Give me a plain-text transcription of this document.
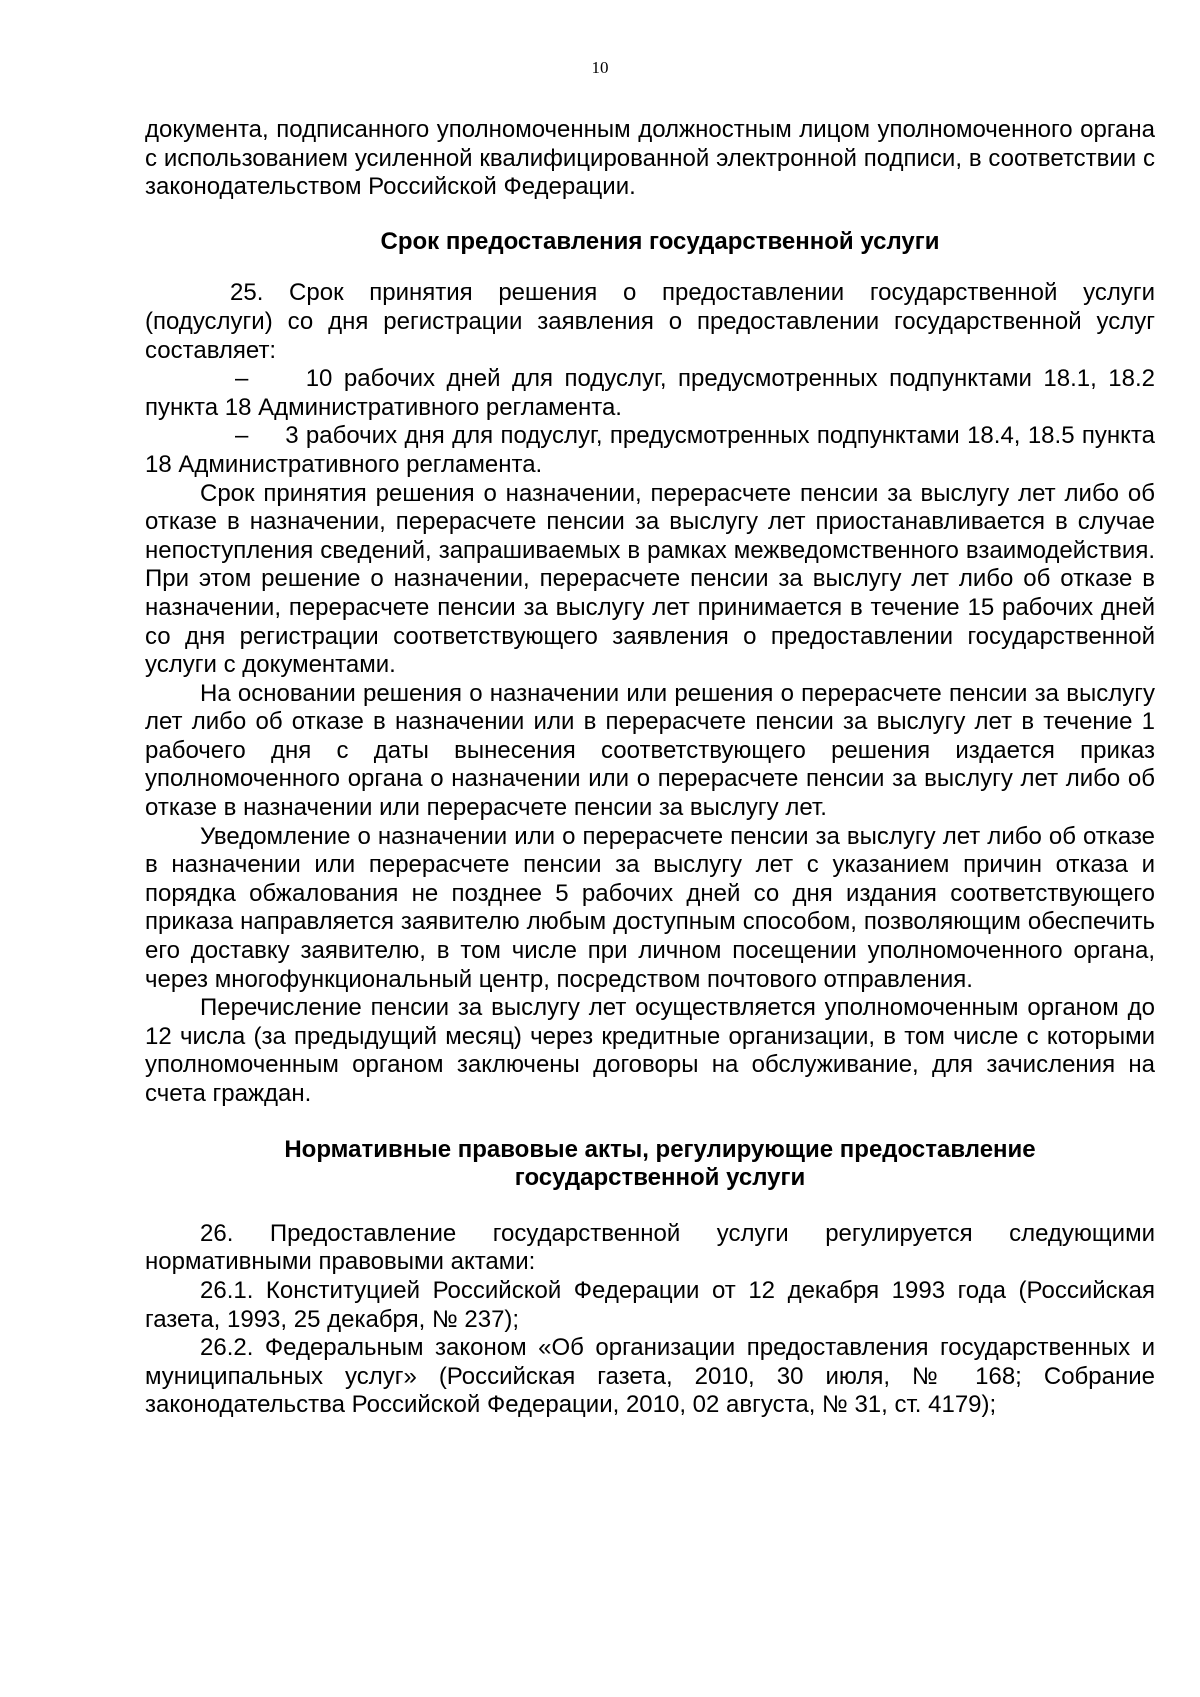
10

документа, подписанного уполномоченным должностным лицом уполномоченного органа с использованием усиленной квалифицированной электронной подписи, в соответствии с законодательством Российской Федерации.

Срок предоставления государственной услуги

25. Срок принятия решения о предоставлении государственной услуги (подуслуги) со дня регистрации заявления о предоставлении государственной услуг составляет:

–     10 рабочих дней для подуслуг, предусмотренных подпунктами 18.1, 18.2 пункта 18 Административного регламента.

–     3 рабочих дня для подуслуг, предусмотренных подпунктами 18.4, 18.5 пункта 18 Административного регламента.

Срок принятия решения о назначении, перерасчете пенсии за выслугу лет либо об отказе в назначении, перерасчете пенсии за выслугу лет приостанавливается в случае непоступления сведений, запрашиваемых в рамках межведомственного взаимодействия. При этом решение о назначении, перерасчете пенсии за выслугу лет либо об отказе в назначении, перерасчете пенсии за выслугу лет принимается в течение 15 рабочих дней со дня регистрации соответствующего заявления о предоставлении государственной услуги с документами.

На основании решения о назначении или решения о перерасчете пенсии за выслугу лет либо об отказе в назначении или в перерасчете пенсии за выслугу лет в течение 1 рабочего дня с даты вынесения соответствующего решения издается приказ уполномоченного органа о назначении или о перерасчете пенсии за выслугу лет либо об отказе в назначении или перерасчете пенсии за выслугу лет.

Уведомление о назначении или о перерасчете пенсии за выслугу лет либо об отказе в назначении или перерасчете пенсии за выслугу лет с указанием причин отказа и порядка обжалования не позднее 5 рабочих дней со дня издания соответствующего приказа направляется заявителю любым доступным способом, позволяющим обеспечить его доставку заявителю, в том числе при личном посещении уполномоченного органа, через многофункциональный центр, посредством почтового отправления.

Перечисление пенсии за выслугу лет осуществляется уполномоченным органом до 12 числа (за предыдущий месяц) через кредитные организации, в том числе с которыми уполномоченным органом заключены договоры на обслуживание, для зачисления на счета граждан.

Нормативные правовые акты, регулирующие предоставление
государственной услуги

26. Предоставление государственной услуги регулируется следующими нормативными правовыми актами:

26.1. Конституцией Российской Федерации от 12 декабря 1993 года (Российская газета, 1993, 25 декабря, № 237);

26.2. Федеральным законом «Об организации предоставления государственных и муниципальных услуг» (Российская газета, 2010, 30 июля, № 168; Собрание законодательства Российской Федерации, 2010, 02 августа, № 31, ст. 4179);
